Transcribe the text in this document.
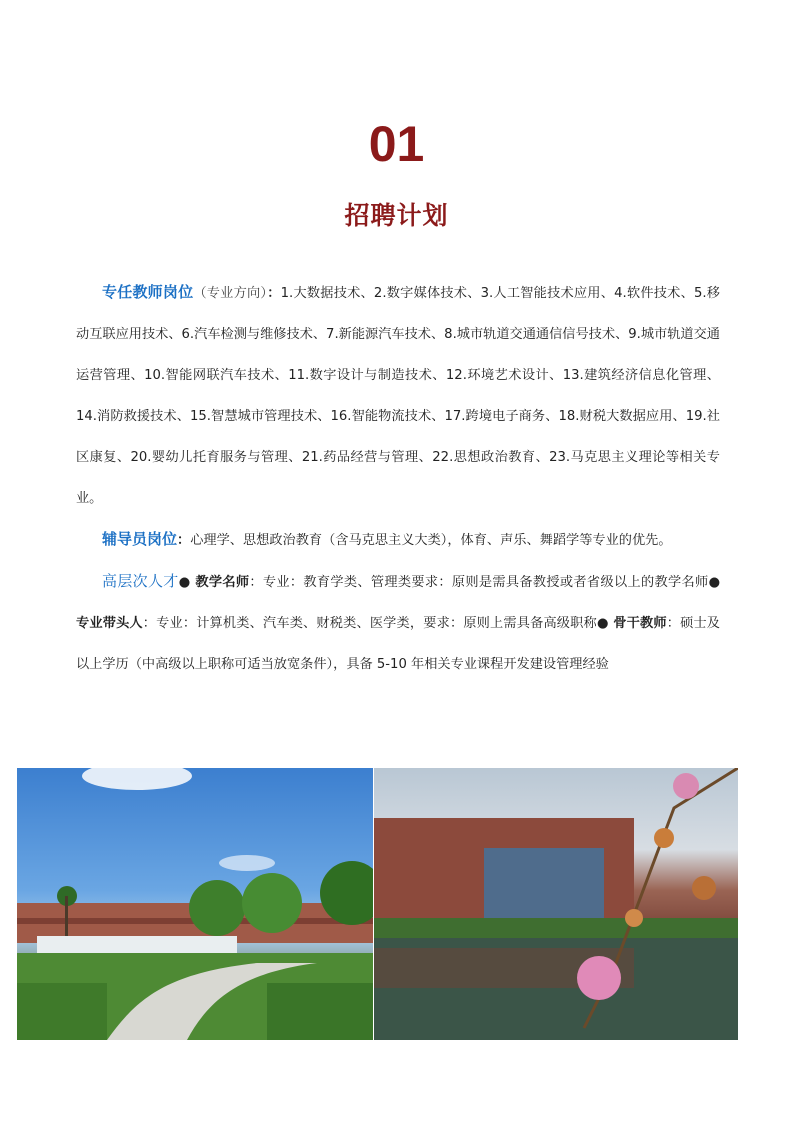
01
招聘计划

专任教师岗位（专业方向）：1.大数据技术、2.数字媒体技术、3.人工智能技术应用、4.软件技术、5.移动互联应用技术、6.汽车检测与维修技术、7.新能源汽车技术、8.城市轨道交通通信信号技术、9.城市轨道交通运营管理、10.智能网联汽车技术、11.数字设计与制造技术、12.环境艺术设计、13.建筑经济信息化管理、14.消防救援技术、15.智慧城市管理技术、16.智能物流技术、17.跨境电子商务、18.财税大数据应用、19.社区康复、20.婴幼儿托育服务与管理、21.药品经营与管理、22.思想政治教育、23.马克思主义理论等相关专业。

辅导员岗位：心理学、思想政治教育（含马克思主义大类），体育、声乐、舞蹈学等专业的优先。

高层次人才● 教学名师：专业：教育学类、管理类要求：原则是需具备教授或者省级以上的教学名师● 专业带头人：专业：计算机类、汽车类、财税类、医学类，要求：原则上需具备高级职称● 骨干教师：硕士及以上学历（中高级以上职称可适当放宽条件），具备 5-10 年相关专业课程开发建设管理经验
